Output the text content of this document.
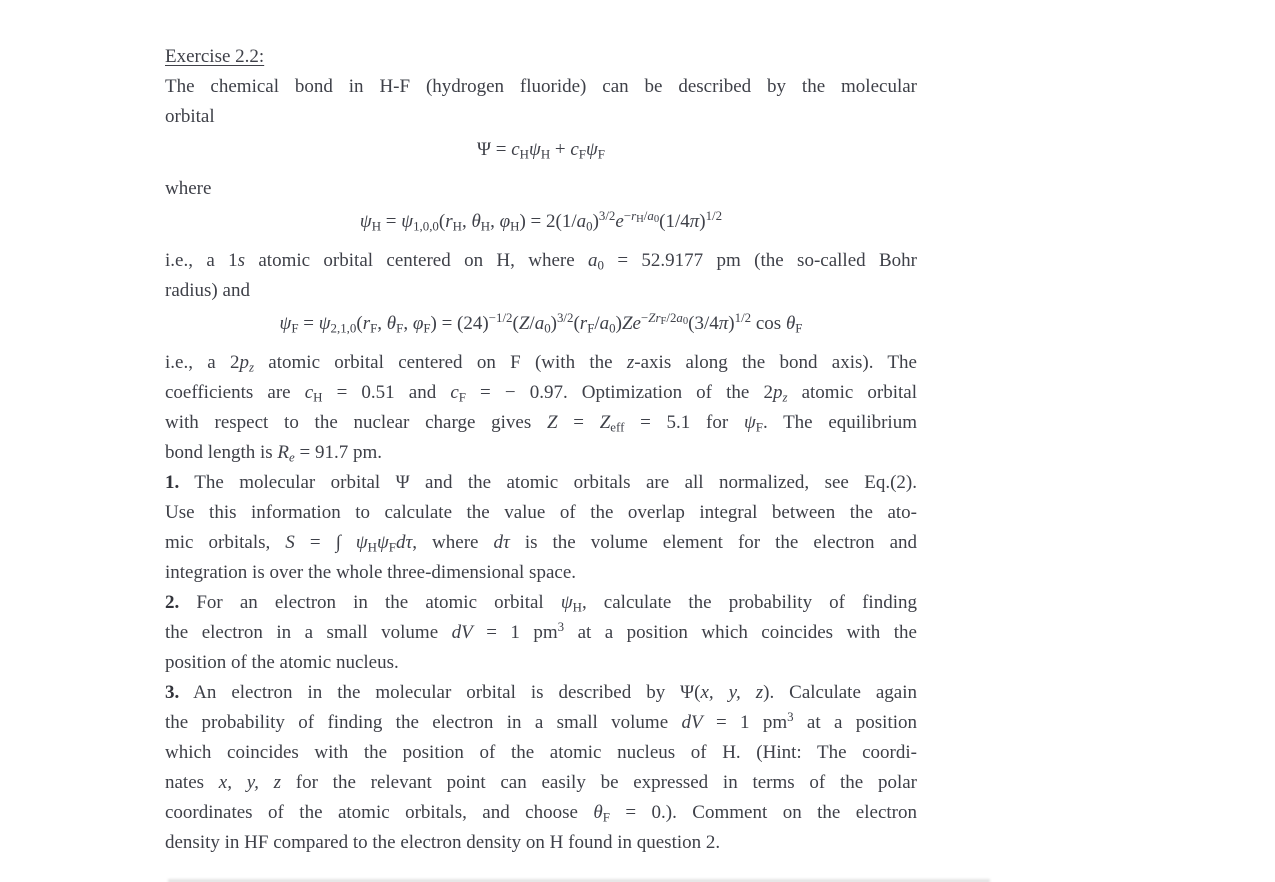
Exercise 2.2:
The chemical bond in H-F (hydrogen fluoride) can be described by the molecular
orbital
$\Psi = c_H\psi_H + c_F\psi_F$
where
$\psi_H = \psi_{1,0,0}(r_H$, $\theta_H$, $\varphi_H) = 2(1/a_0)^{3/2}e^{-r_H/a_0}(1/4\pi)^{1/2}$
i.e., a 1s atomic orbital centered on H, where $a_0 = 52.9177$ pm (the so-called Bohr
radius) and
$\psi_F = \psi_{2,1,0}(r_F$, $\theta_F$, $\varphi_F) = (24)^{-1/2}(Z/a_0)^{3/2}(r_F/a_0)Ze^{-Zr_F/2a_0}(3/4\pi)^{1/2}$ $\cos \theta_F$
i.e., a $2p_z$ atomic orbital centered on F (with the z-axis along the bond axis). The
coefficients are $c_H = 0.51$ and $c_F$ = − 0.97. Optimization of the $2p_z$ atomic orbital
with respect to the nuclear charge gives $Z = Z_{eff} = 5.1$ for $\psi_F$. The equilibrium
bond length is $R_e = 91.7$ pm.
1. The molecular orbital Ψ and the atomic orbitals are all normalized, see Eq.(2).
Use this information to calculate the value of the overlap integral between the ato-
mic orbitals, S = ∫ $\psi_H\psi_Fd\tau$, where dτ is the volume element for the electron and
integration is over the whole three-dimensional space.
2. For an electron in the atomic orbital $\psi_H$, calculate the probability of finding
the electron in a small volume dV = 1 $pm^3$ at a position which coincides with the
position of the atomic nucleus.
3. An electron in the molecular orbital is described by Ψ(x, y, z). Calculate again
the probability of finding the electron in a small volume dV = 1 $pm^3$ at a position
which coincides with the position of the atomic nucleus of H. (Hint: The coordi-
nates x, y, z for the relevant point can easily be expressed in terms of the polar
coordinates of the atomic orbitals, and choose $\theta_F = 0$.). Comment on the electron
density in HF compared to the electron density on H found in question 2.
